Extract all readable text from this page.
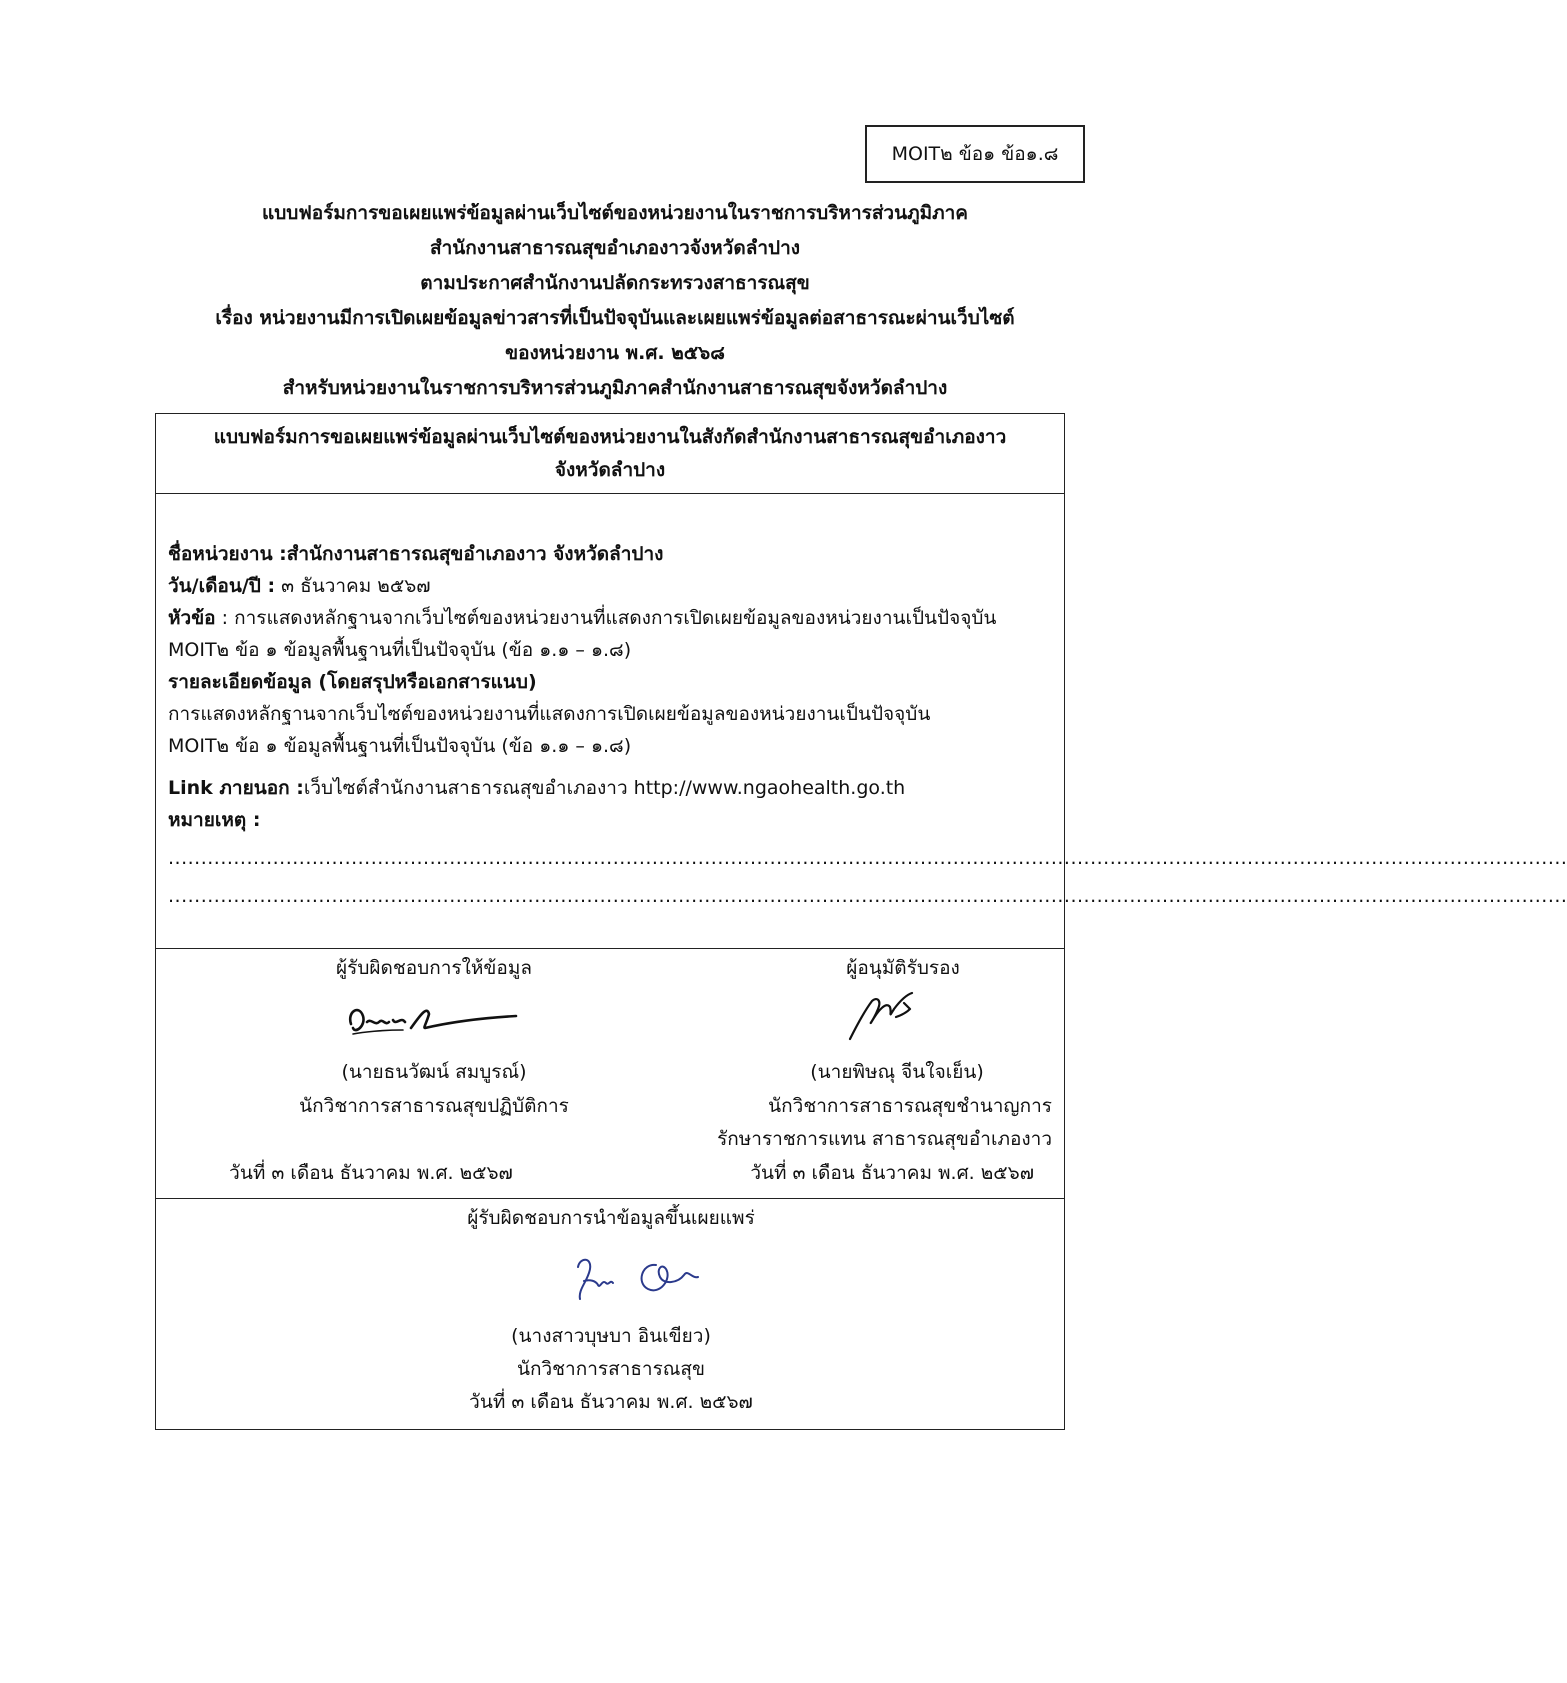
MOIT๒ ข้อ๑ ข้อ๑.๘
แบบฟอร์มการขอเผยแพร่ข้อมูลผ่านเว็บไซต์ของหน่วยงานในราชการบริหารส่วนภูมิภาค
สำนักงานสาธารณสุขอำเภองาวจังหวัดลำปาง
ตามประกาศสำนักงานปลัดกระทรวงสาธารณสุข
เรื่อง หน่วยงานมีการเปิดเผยข้อมูลข่าวสารที่เป็นปัจจุบันและเผยแพร่ข้อมูลต่อสาธารณะผ่านเว็บไซต์
ของหน่วยงาน พ.ศ. ๒๕๖๘
สำหรับหน่วยงานในราชการบริหารส่วนภูมิภาคสำนักงานสาธารณสุขจังหวัดลำปาง
แบบฟอร์มการขอเผยแพร่ข้อมูลผ่านเว็บไซต์ของหน่วยงานในสังกัดสำนักงานสาธารณสุขอำเภองาว
จังหวัดลำปาง

ชื่อหน่วยงาน :สำนักงานสาธารณสุขอำเภองาว จังหวัดลำปาง

วัน/เดือน/ปี : ๓ ธันวาคม ๒๕๖๗

หัวข้อ : การแสดงหลักฐานจากเว็บไซต์ของหน่วยงานที่แสดงการเปิดเผยข้อมูลของหน่วยงานเป็นปัจจุบัน

MOIT๒ ข้อ ๑ ข้อมูลพื้นฐานที่เป็นปัจจุบัน (ข้อ ๑.๑ – ๑.๘)

รายละเอียดข้อมูล (โดยสรุปหรือเอกสารแนบ)

การแสดงหลักฐานจากเว็บไซต์ของหน่วยงานที่แสดงการเปิดเผยข้อมูลของหน่วยงานเป็นปัจจุบัน

MOIT๒ ข้อ ๑ ข้อมูลพื้นฐานที่เป็นปัจจุบัน (ข้อ ๑.๑ – ๑.๘)

Link ภายนอก :เว็บไซต์สำนักงานสาธารณสุขอำเภองาว http://www.ngaohealth.go.th

หมายเหตุ :

......................................................................................................................................................................................................................

......................................................................................................................................................................................................................

ผู้รับผิดชอบการให้ข้อมูล
(นายธนวัฒน์ สมบูรณ์)
นักวิชาการสาธารณสุขปฏิบัติการ
วันที่ ๓ เดือน ธันวาคม พ.ศ. ๒๕๖๗
ผู้อนุมัติรับรอง
(นายพิษณุ จีนใจเย็น)
นักวิชาการสาธารณสุขชำนาญการ
รักษาราชการแทน สาธารณสุขอำเภองาว
วันที่ ๓ เดือน ธันวาคม พ.ศ. ๒๕๖๗
ผู้รับผิดชอบการนำข้อมูลขึ้นเผยแพร่
(นางสาวบุษบา อินเขียว)
นักวิชาการสาธารณสุข
วันที่ ๓ เดือน ธันวาคม พ.ศ. ๒๕๖๗
